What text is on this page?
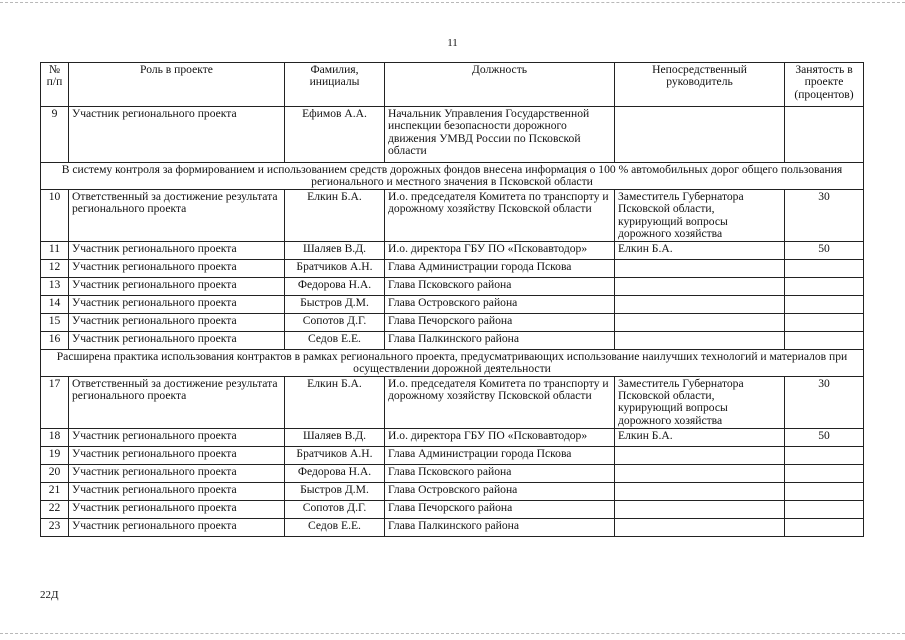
11
№ п/п	Роль в проекте	Фамилия, инициалы	Должность	Непосредственный руководитель	Занятость в проекте (процентов)
9	Участник регионального проекта	Ефимов А.А.	Начальник Управления Государственной инспекции безопасности дорожного движения УМВД России по Псковской области		
В систему контроля за формированием и использованием средств дорожных фондов внесена информация о 100 % автомобильных дорог общего пользования регионального и местного значения в Псковской области					
10	Ответственный за достижение результата регионального проекта	Елкин Б.А.	И.о. председателя Комитета по транспорту и дорожному хозяйству Псковской области	Заместитель Губернатора Псковской области, курирующий вопросы дорожного хозяйства	30
11	Участник регионального проекта	Шаляев В.Д.	И.о. директора ГБУ ПО «Псковавтодор»	Елкин Б.А.	50
12	Участник регионального проекта	Братчиков А.Н.	Глава Администрации города Пскова		
13	Участник регионального проекта	Федорова Н.А.	Глава Псковского района		
14	Участник регионального проекта	Быстров Д.М.	Глава Островского района		
15	Участник регионального проекта	Сопотов Д.Г.	Глава Печорского района		
16	Участник регионального проекта	Седов Е.Е.	Глава Палкинского района		
Расширена практика использования контрактов в рамках регионального проекта, предусматривающих использование наилучших технологий и материалов при осуществлении дорожной деятельности					
17	Ответственный за достижение результата регионального проекта	Елкин Б.А.	И.о. председателя Комитета по транспорту и дорожному хозяйству Псковской области	Заместитель Губернатора Псковской области, курирующий вопросы дорожного хозяйства	30
18	Участник регионального проекта	Шаляев В.Д.	И.о. директора ГБУ ПО «Псковавтодор»	Елкин Б.А.	50
19	Участник регионального проекта	Братчиков А.Н.	Глава Администрации города Пскова		
20	Участник регионального проекта	Федорова Н.А.	Глава Псковского района		
21	Участник регионального проекта	Быстров Д.М.	Глава Островского района		
22	Участник регионального проекта	Сопотов Д.Г.	Глава Печорского района		
23	Участник регионального проекта	Седов Е.Е.	Глава Палкинского района		
22Д
